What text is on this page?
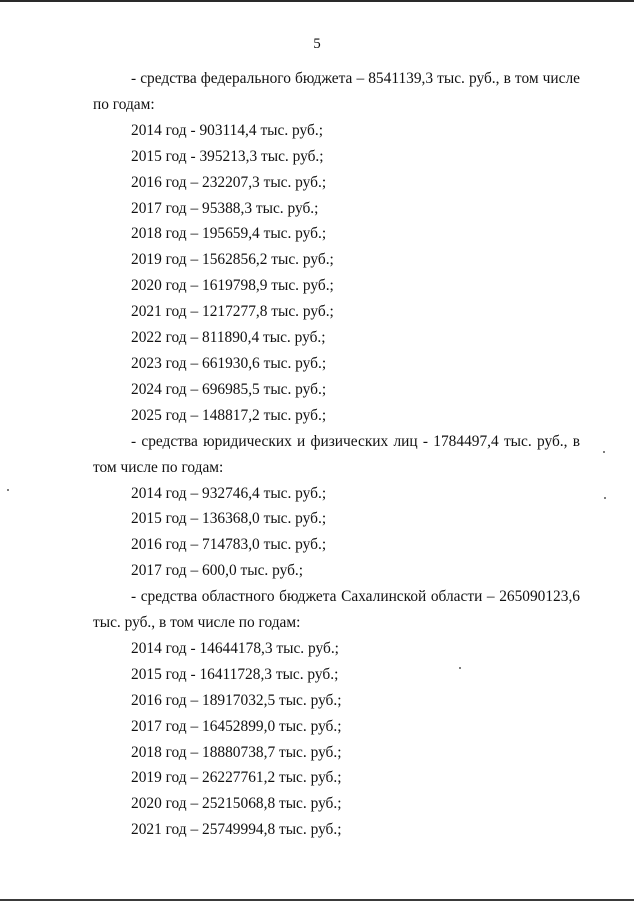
5

- средства федерального бюджета – 8541139,3 тыс. руб., в том числе по годам:

2014 год - 903114,4 тыс. руб.;

2015 год - 395213,3 тыс. руб.;

2016 год – 232207,3 тыс. руб.;

2017 год – 95388,3 тыс. руб.;

2018 год – 195659,4 тыс. руб.;

2019 год – 1562856,2 тыс. руб.;

2020 год – 1619798,9 тыс. руб.;

2021 год – 1217277,8 тыс. руб.;

2022 год – 811890,4 тыс. руб.;

2023 год – 661930,6 тыс. руб.;

2024 год – 696985,5 тыс. руб.;

2025 год – 148817,2 тыс. руб.;

- средства юридических и физических лиц - 1784497,4 тыс. руб., в том числе по годам:

2014 год – 932746,4 тыс. руб.;

2015 год – 136368,0 тыс. руб.;

2016 год – 714783,0 тыс. руб.;

2017 год – 600,0 тыс. руб.;

- средства областного бюджета Сахалинской области – 265090123,6 тыс. руб., в том числе по годам:

2014 год - 14644178,3 тыс. руб.;

2015 год - 16411728,3 тыс. руб.;

2016 год – 18917032,5 тыс. руб.;

2017 год – 16452899,0 тыс. руб.;

2018 год – 18880738,7 тыс. руб.;

2019 год – 26227761,2 тыс. руб.;

2020 год – 25215068,8 тыс. руб.;

2021 год – 25749994,8 тыс. руб.;
